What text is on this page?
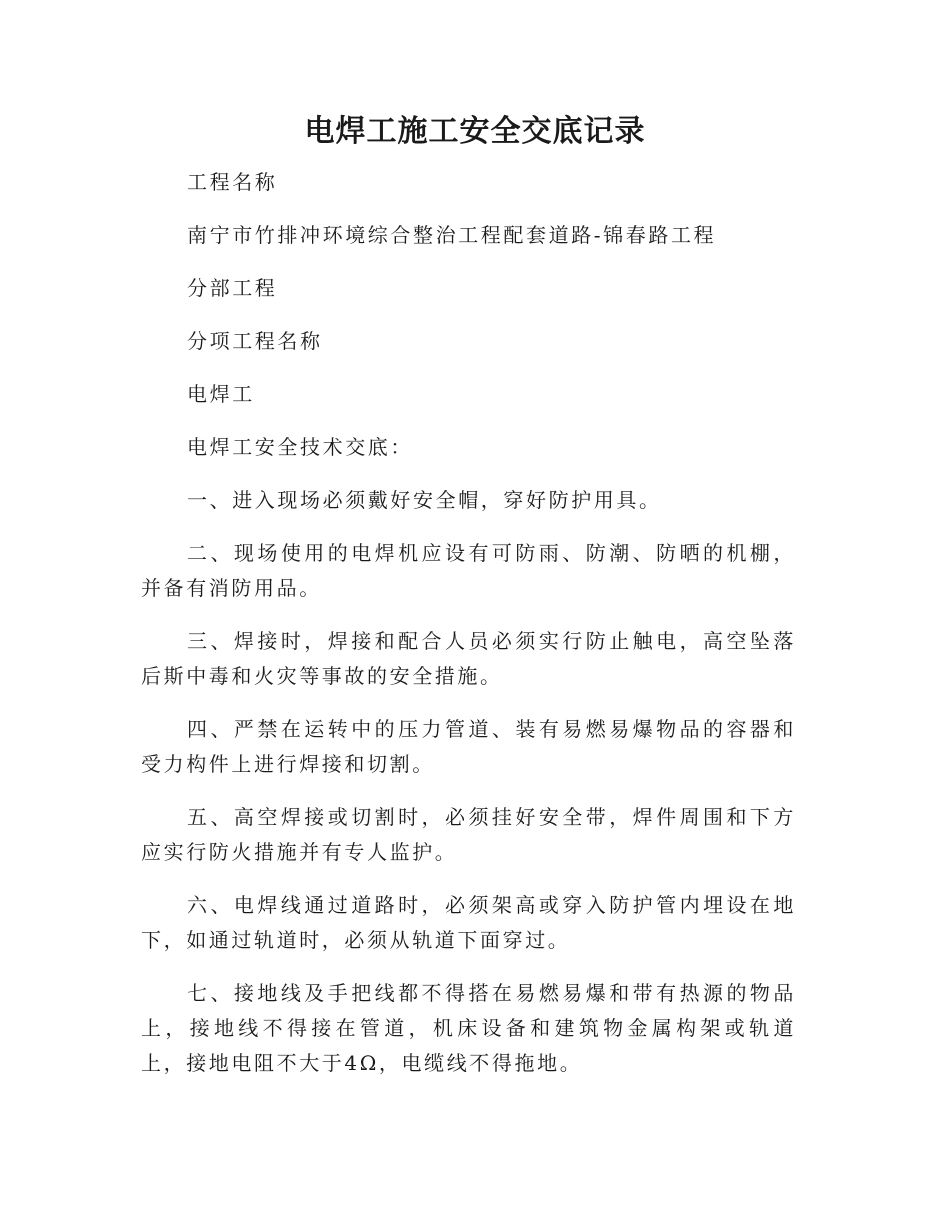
电焊工施工安全交底记录

工程名称

南宁市竹排冲环境综合整治工程配套道路-锦春路工程

分部工程

分项工程名称

电焊工

电焊工安全技术交底：

一、进入现场必须戴好安全帽，穿好防护用具。

二、现场使用的电焊机应设有可防雨、防潮、防晒的机棚，并备有消防用品。

三、焊接时，焊接和配合人员必须实行防止触电，高空坠落后斯中毒和火灾等事故的安全措施。

四、严禁在运转中的压力管道、装有易燃易爆物品的容器和受力构件上进行焊接和切割。

五、高空焊接或切割时，必须挂好安全带，焊件周围和下方应实行防火措施并有专人监护。

六、电焊线通过道路时，必须架高或穿入防护管内埋设在地下，如通过轨道时，必须从轨道下面穿过。

七、接地线及手把线都不得搭在易燃易爆和带有热源的物品上，接地线不得接在管道，机床设备和建筑物金属构架或轨道上，接地电阻不大于4Ω，电缆线不得拖地。
